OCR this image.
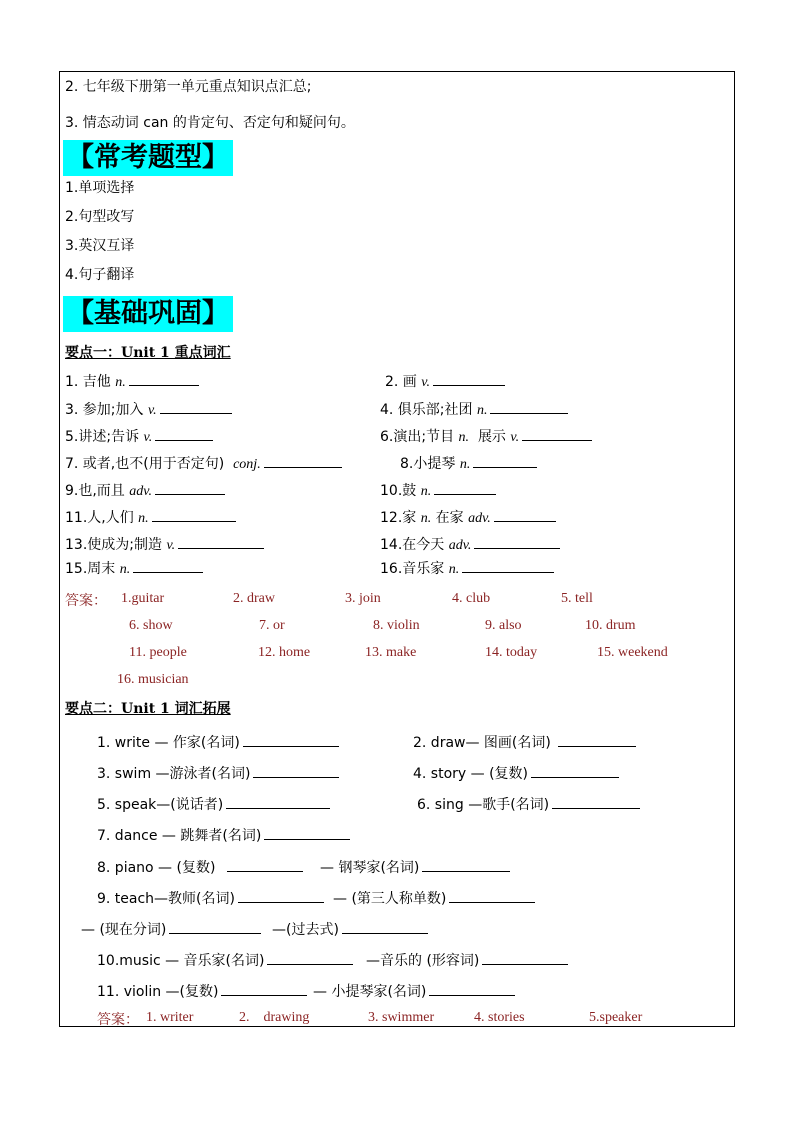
2. 七年级下册第一单元重点知识点汇总;
3. 情态动词 can 的肯定句、否定句和疑问句。
【常考题型】
1.单项选择
2.句型改写
3.英汉互译
4.句子翻译
【基础巩固】
要点一：Unit 1 重点词汇
1. 吉他 n.	2. 画 v.
3. 参加;加入 v.	4. 俱乐部;社团 n.
5.讲述;告诉 v.	6.演出;节目 n. 展示 v.
7. 或者,也不(用于否定句) conj.	8.小提琴 n.
9.也,而且 adv.	10.鼓 n.
11.人,人们 n.	12.家 n. 在家 adv.
13.使成为;制造 v.	14.在今天 adv.
15.周末 n.	16.音乐家 n.
答案： 1.guitar	2. draw	3. join	4. club	5. tell
6. show	7. or	8. violin	9. also	10. drum
11. people	12. home	13. make	14. today	15. weekend
16. musician
要点二：Unit 1 词汇拓展
1. write — 作家(名词)	2. draw— 图画(名词)
3. swim —游泳者(名词)	4. story — (复数)
5. speak—(说话者)	6. sing —歌手(名词)
7. dance — 跳舞者(名词)
8. piano — (复数)	— 钢琴家(名词)
9. teach—教师(名词)	— (第三人称单数)
— (现在分词)	—(过去式)
10.music — 音乐家(名词)	—音乐的 (形容词)
11. violin —(复数)	— 小提琴家(名词)
答案： 1. writer	2.    drawing	3. swimmer	4. stories	5.speaker
